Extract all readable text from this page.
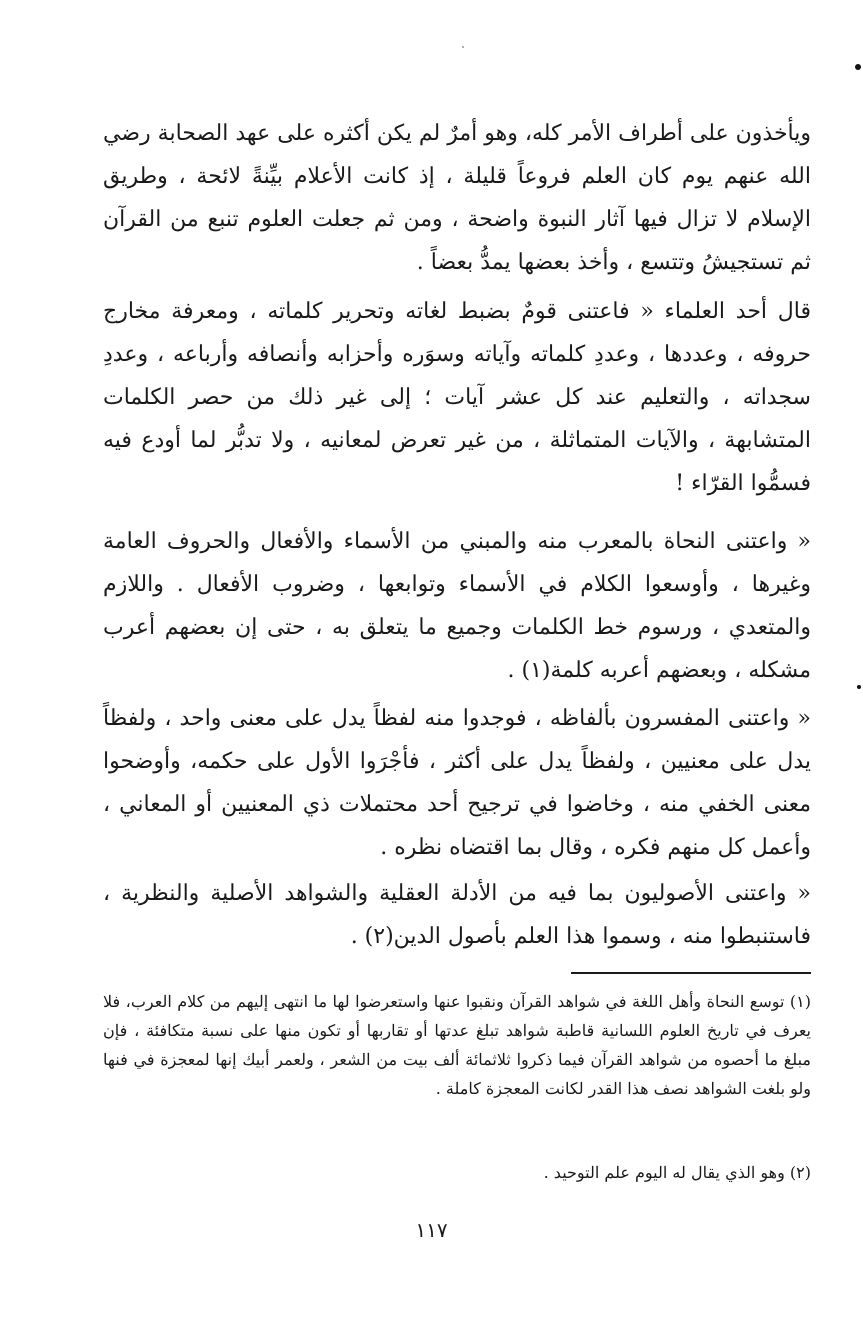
ويأخذون على أطراف الأمر كله، وهو أمرٌ لم يكن أكثره على عهد الصحابة رضي الله عنهم يوم كان العلم فروعاً قليلة ، إذ كانت الأعلام بيِّنةً لائحة ، وطريق الإسلام لا تزال فيها آثار النبوة واضحة ، ومن ثم جعلت العلوم تنبع من القرآن ثم تستجيشُ وتتسع ، وأخذ بعضها يمدُّ بعضاً .

قال أحد العلماء « فاعتنى قومٌ بضبط لغاته وتحرير كلماته ، ومعرفة مخارج حروفه ، وعددها ، وعددِ كلماته وآياته وسوَره وأحزابه وأنصافه وأرباعه ، وعددِ سجداته ، والتعليم عند كل عشر آيات ؛ إلى غير ذلك من حصر الكلمات المتشابهة ، والآيات المتماثلة ، من غير تعرض لمعانيه ، ولا تدبُّر لما أودع فيه فسمُّوا القرّاء !

« واعتنى النحاة بالمعرب منه والمبني من الأسماء والأفعال والحروف العامة وغيرها ، وأوسعوا الكلام في الأسماء وتوابعها ، وضروب الأفعال . واللازم والمتعدي ، ورسوم خط الكلمات وجميع ما يتعلق به ، حتى إن بعضهم أعرب مشكله ، وبعضهم أعربه كلمة(١) .

« واعتنى المفسرون بألفاظه ، فوجدوا منه لفظاً يدل على معنى واحد ، ولفظاً يدل على معنيين ، ولفظاً يدل على أكثر ، فأجْرَوا الأول على حكمه، وأوضحوا معنى الخفي منه ، وخاضوا في ترجيح أحد محتملات ذي المعنيين أو المعاني ، وأعمل كل منهم فكره ، وقال بما اقتضاه نظره .

« واعتنى الأصوليون بما فيه من الأدلة العقلية والشواهد الأصلية والنظرية ، فاستنبطوا منه ، وسموا هذا العلم بأصول الدين(٢) .

(١) توسع النحاة وأهل اللغة في شواهد القرآن ونقبوا عنها واستعرضوا لها ما انتهى إليهم من كلام العرب، فلا يعرف في تاريخ العلوم اللسانية قاطبة شواهد تبلغ عدتها أو تقاربها أو تكون منها على نسبة متكافئة ، فإن مبلغ ما أحصوه من شواهد القرآن فيما ذكروا ثلاثمائة ألف بيت من الشعر ، ولعمر أبيك إنها لمعجزة في فنها ولو بلغت الشواهد نصف هذا القدر لكانت المعجزة كاملة .

(٢) وهو الذي يقال له اليوم علم التوحيد .

١١٧
